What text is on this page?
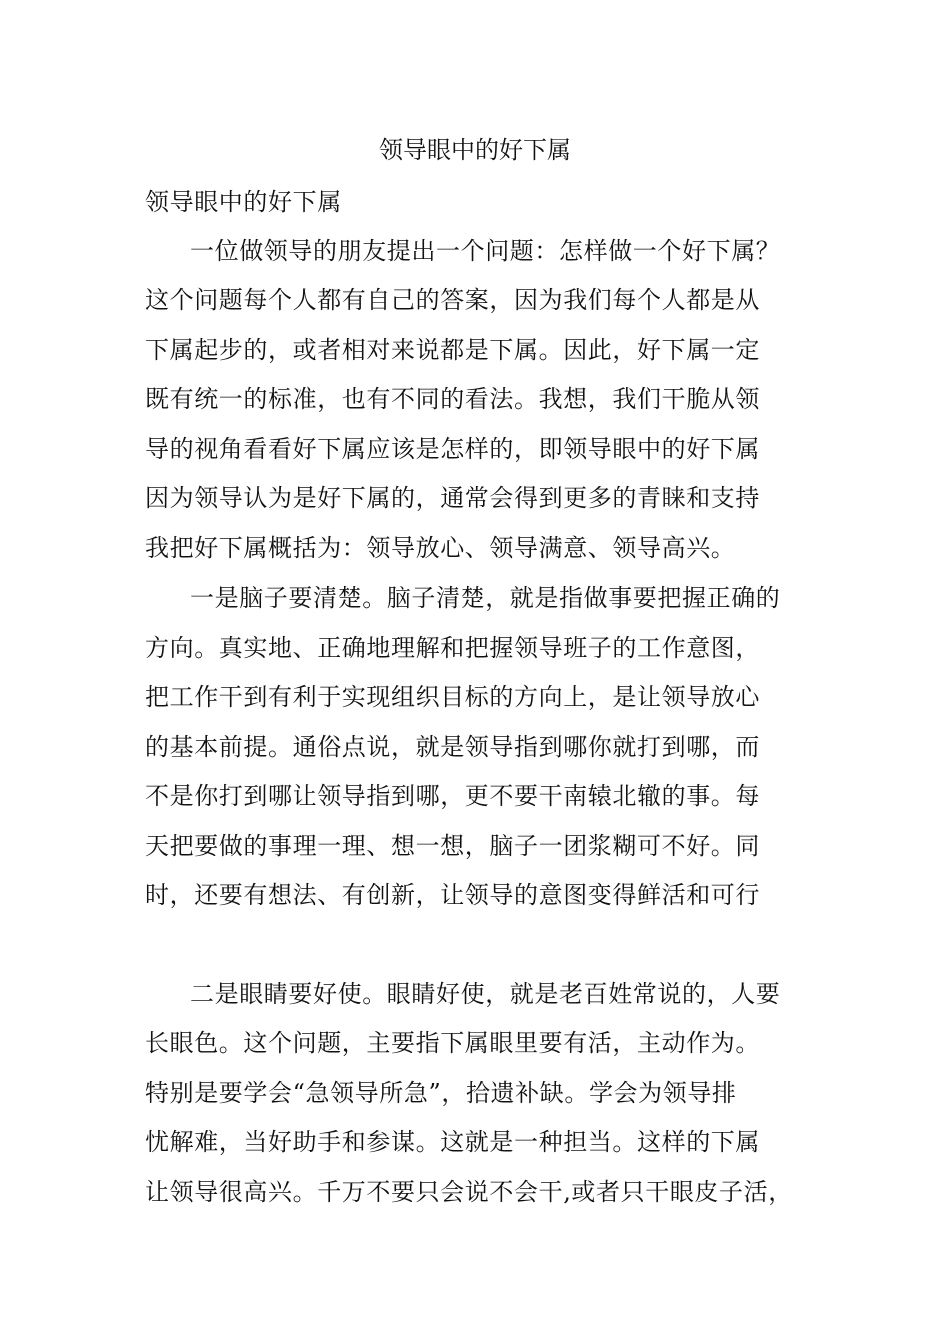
领导眼中的好下属
领导眼中的好下属
一位做领导的朋友提出一个问题：怎样做一个好下属？
这个问题每个人都有自己的答案，因为我们每个人都是从
下属起步的，或者相对来说都是下属。因此，好下属一定
既有统一的标准，也有不同的看法。我想，我们干脆从领
导的视角看看好下属应该是怎样的，即领导眼中的好下属
因为领导认为是好下属的，通常会得到更多的青睐和支持
我把好下属概括为：领导放心、领导满意、领导高兴。
一是脑子要清楚。脑子清楚，就是指做事要把握正确的
方向。真实地、正确地理解和把握领导班子的工作意图，
把工作干到有利于实现组织目标的方向上，是让领导放心
的基本前提。通俗点说，就是领导指到哪你就打到哪，而
不是你打到哪让领导指到哪，更不要干南辕北辙的事。每
天把要做的事理一理、想一想，脑子一团浆糊可不好。同
时，还要有想法、有创新，让领导的意图变得鲜活和可行
二是眼睛要好使。眼睛好使，就是老百姓常说的，人要
长眼色。这个问题，主要指下属眼里要有活，主动作为。
特别是要学会“急领导所急”，拾遗补缺。学会为领导排
忧解难，当好助手和参谋。这就是一种担当。这样的下属
让领导很高兴。千万不要只会说不会干,或者只干眼皮子活，
